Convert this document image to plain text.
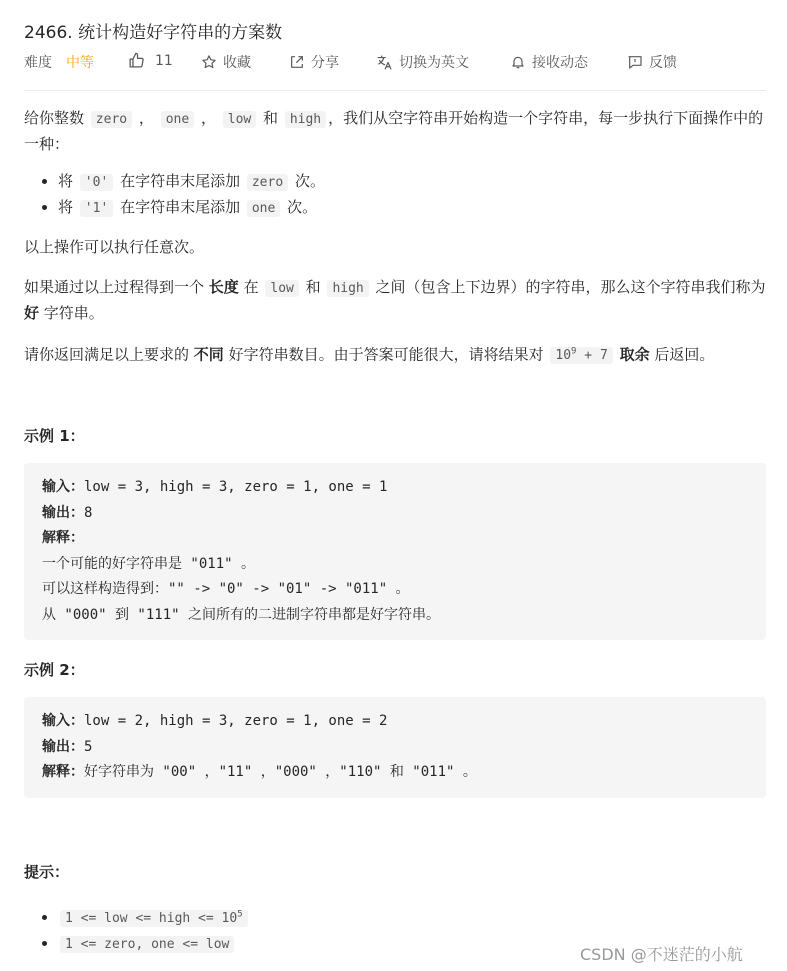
2466. 统计构造好字符串的方案数
难度 中等	11	收藏	分享	切换为英文	接收动态	反馈

给你整数 zero ， one ， low 和 high ，我们从空字符串开始构造一个字符串，每一步执行下面操作中的一种：

• 将 '0' 在字符串末尾添加 zero 次。
• 将 '1' 在字符串末尾添加 one 次。

以上操作可以执行任意次。

如果通过以上过程得到一个 长度 在 low 和 high 之间（包含上下边界）的字符串，那么这个字符串我们称为 好 字符串。

请你返回满足以上要求的 不同 好字符串数目。由于答案可能很大，请将结果对 $10^9 + 7$ 取余 后返回。

示例 1：

输入：low = 3, high = 3, zero = 1, one = 1
输出：8
解释：
一个可能的好字符串是 "011" 。
可以这样构造得到："" -> "0" -> "01" -> "011" 。
从 "000" 到 "111" 之间所有的二进制字符串都是好字符串。

示例 2：

输入：low = 2, high = 3, zero = 1, one = 2
输出：5
解释：好字符串为 "00" ，"11" ，"000" ，"110" 和 "011" 。

提示：

• 1 <= low <= high <= $10^5$
• 1 <= zero, one <= low
CSDN @不迷茫的小航
